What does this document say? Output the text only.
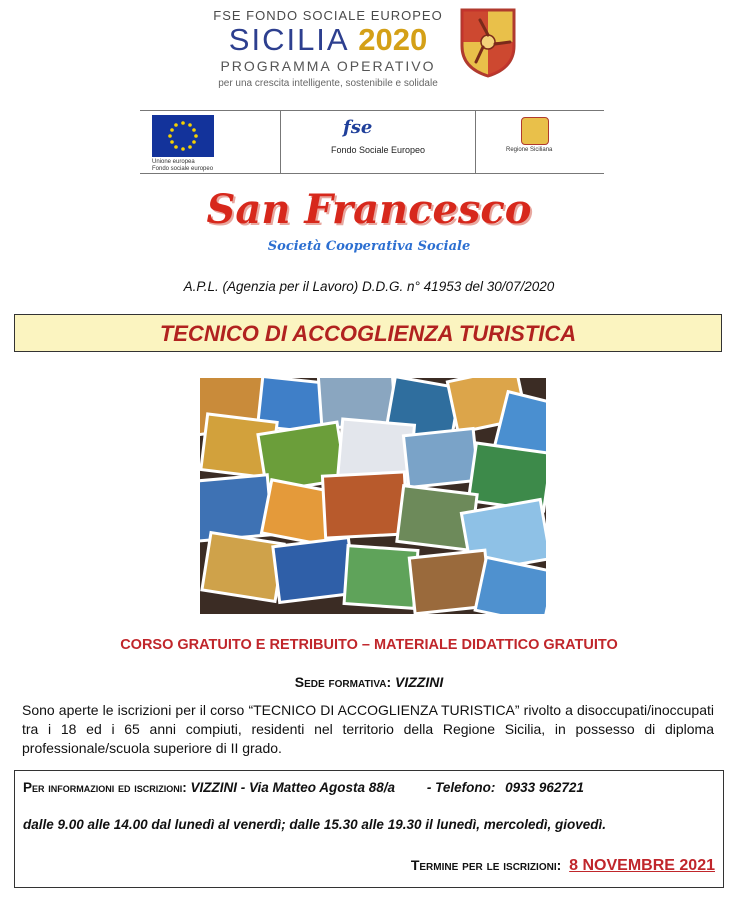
FSE FONDO SOCIALE EUROPEO
SICILIA 2020
PROGRAMMA OPERATIVO
per una crescita intelligente, sostenibile e solidale
Unione europea
Fondo sociale europeo
fse
Fondo Sociale Europeo	Regione Siciliana
San Francesco
Società Cooperativa Sociale
A.P.L. (Agenzia per il Lavoro) D.D.G. n° 41953 del 30/07/2020
TECNICO DI ACCOGLIENZA TURISTICA
CORSO GRATUITO E RETRIBUITO – MATERIALE DIDATTICO GRATUITO
Sede formativa: VIZZINI
Sono aperte le iscrizioni per il corso “TECNICO DI ACCOGLIENZA TURISTICA” rivolto a disoccupati/inoccupati tra i 18 ed i 65 anni compiuti, residenti nel territorio della Regione Sicilia, in possesso di diploma professionale/scuola superiore di II grado.
Per informazioni ed iscrizioni: VIZZINI - Via Matteo Agosta 88/a - Telefono: 0933 962721
dalle 9.00 alle 14.00 dal lunedì al venerdì; dalle 15.30 alle 19.30 il lunedì, mercoledì, giovedì.
Termine per le iscrizioni: 8 NOVEMBRE 2021
